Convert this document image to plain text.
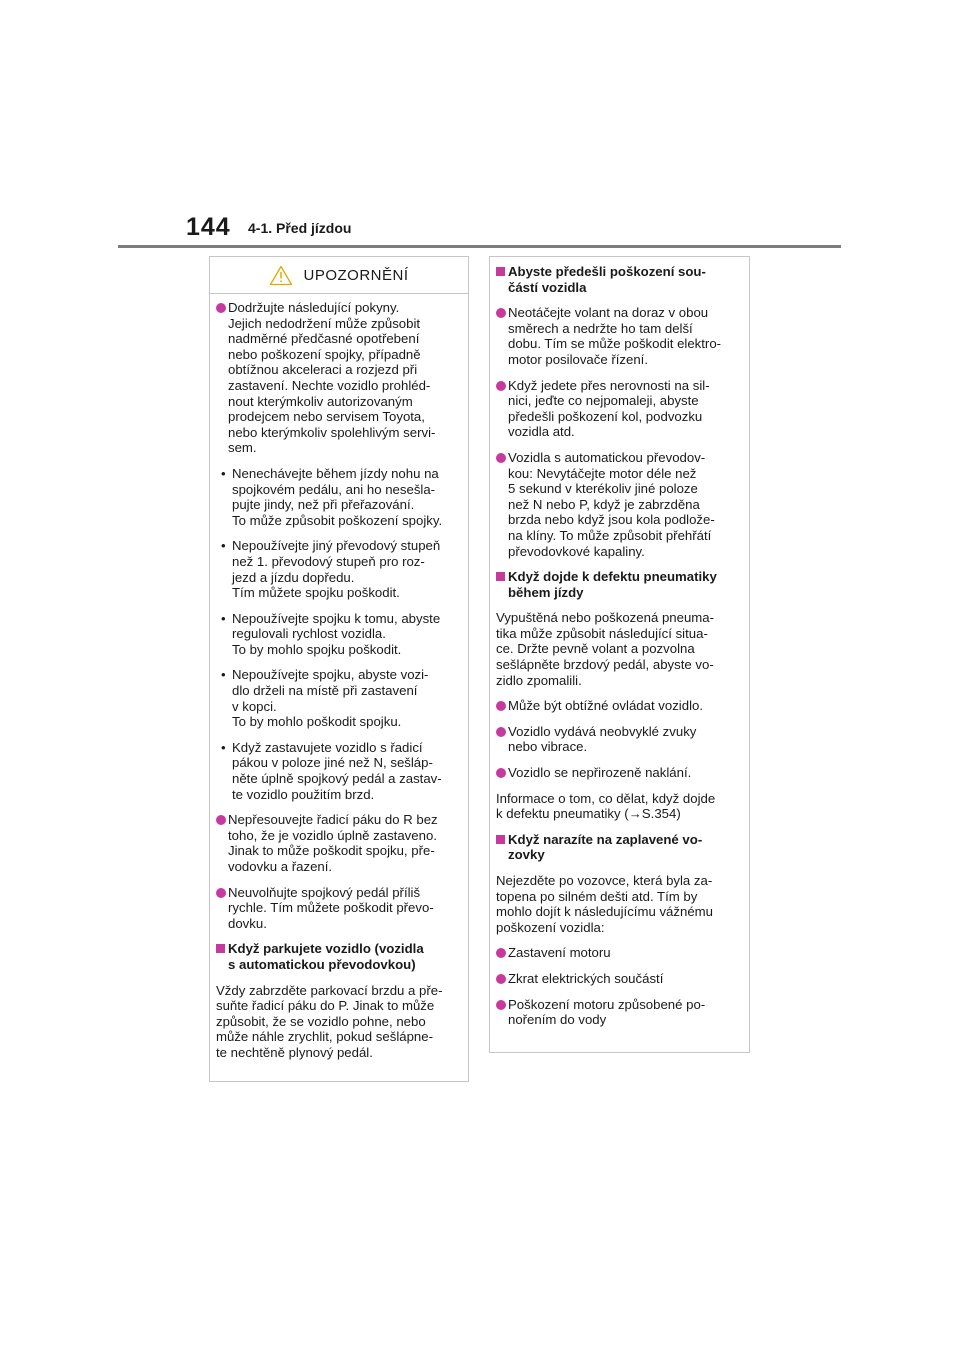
144 4-1. Před jízdou
UPOZORNĚNÍ
Dodržujte následující pokyny.
Jejich nedodržení může způsobit
nadměrné předčasné opotřebení
nebo poškození spojky, případně
obtížnou akceleraci a rozjezd při
zastavení. Nechte vozidlo prohléd-
nout kterýmkoliv autorizovaným
prodejcem nebo servisem Toyota,
nebo kterýmkoliv spolehlivým servi-
sem.
• Nenechávejte během jízdy nohu na
spojkovém pedálu, ani ho nesešla-
pujte jindy, než při přeřazování.
To může způsobit poškození spojky.
• Nepoužívejte jiný převodový stupeň
než 1. převodový stupeň pro roz-
jezd a jízdu dopředu.
Tím můžete spojku poškodit.
• Nepoužívejte spojku k tomu, abyste
regulovali rychlost vozidla.
To by mohlo spojku poškodit.
• Nepoužívejte spojku, abyste vozi-
dlo drželi na místě při zastavení
v kopci.
To by mohlo poškodit spojku.
• Když zastavujete vozidlo s řadicí
pákou v poloze jiné než N, sešláp-
něte úplně spojkový pedál a zastav-
te vozidlo použitím brzd.
Nepřesouvejte řadicí páku do R bez
toho, že je vozidlo úplně zastaveno.
Jinak to může poškodit spojku, pře-
vodovku a řazení.
Neuvolňujte spojkový pedál příliš
rychle. Tím můžete poškodit převo-
dovku.
Když parkujete vozidlo (vozidla
s automatickou převodovkou)
Vždy zabrzděte parkovací brzdu a pře-
suňte řadicí páku do P. Jinak to může
způsobit, že se vozidlo pohne, nebo
může náhle zrychlit, pokud sešlápne-
te nechtěně plynový pedál.
Abyste předešli poškození sou-
částí vozidla
Neotáčejte volant na doraz v obou
směrech a nedržte ho tam delší
dobu. Tím se může poškodit elektro-
motor posilovače řízení.
Když jedete přes nerovnosti na sil-
nici, jeďte co nejpomaleji, abyste
předešli poškození kol, podvozku
vozidla atd.
Vozidla s automatickou převodov-
kou: Nevytáčejte motor déle než
5 sekund v kterékoliv jiné poloze
než N nebo P, když je zabrzděna
brzda nebo když jsou kola podlože-
na klíny. To může způsobit přehřátí
převodovkové kapaliny.
Když dojde k defektu pneumatiky
během jízdy
Vypuštěná nebo poškozená pneuma-
tika může způsobit následující situa-
ce. Držte pevně volant a pozvolna
sešlápněte brzdový pedál, abyste vo-
zidlo zpomalili.
Může být obtížné ovládat vozidlo.
Vozidlo vydává neobvyklé zvuky
nebo vibrace.
Vozidlo se nepřirozeně naklání.
Informace o tom, co dělat, když dojde
k defektu pneumatiky (→S.354)
Když narazíte na zaplavené vo-
zovky
Nejezděte po vozovce, která byla za-
topena po silném dešti atd. Tím by
mohlo dojít k následujícímu vážnému
poškození vozidla:
Zastavení motoru
Zkrat elektrických součástí
Poškození motoru způsobené po-
nořením do vody
